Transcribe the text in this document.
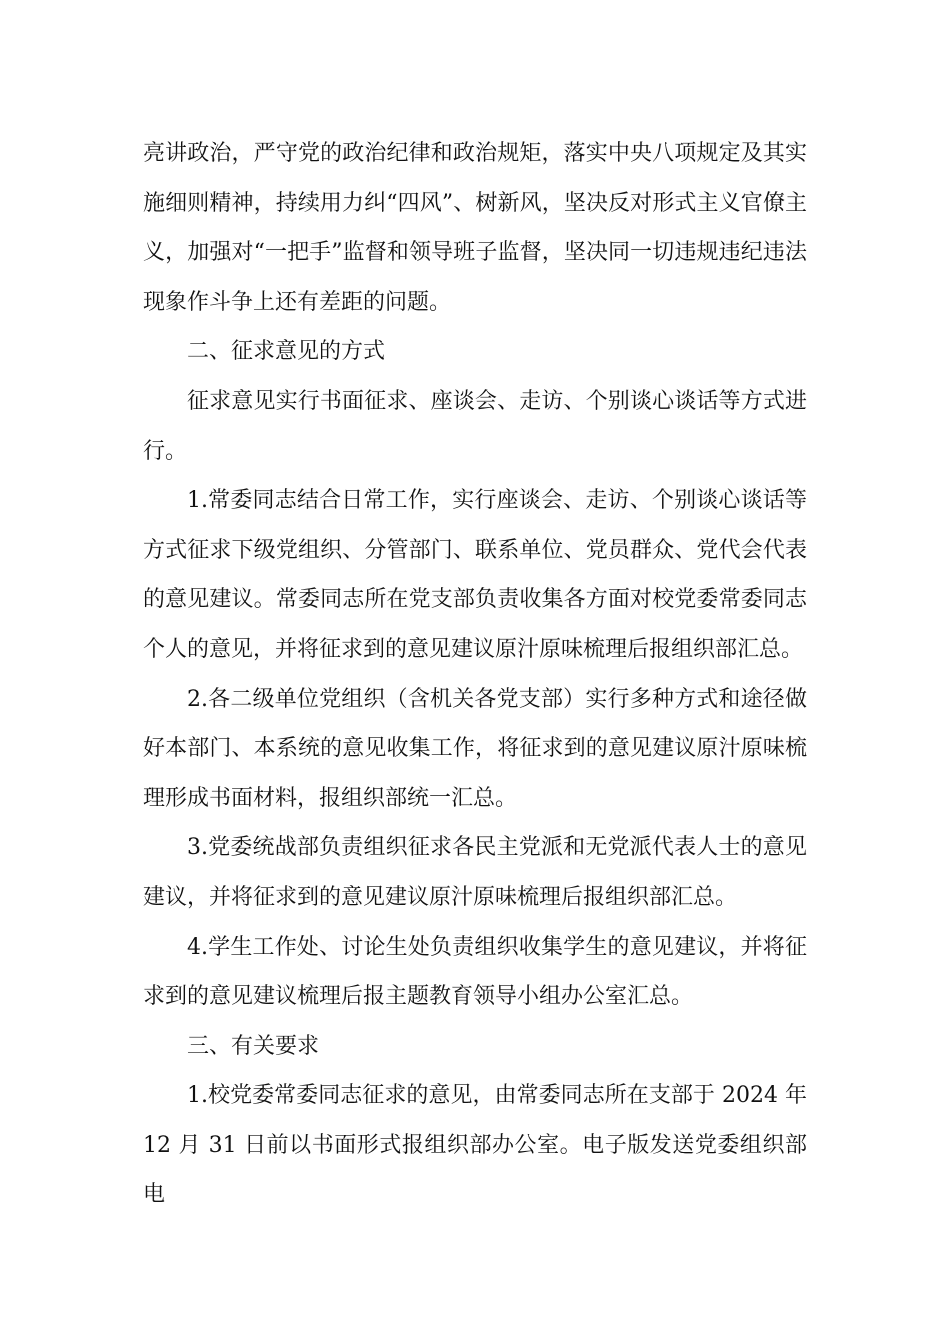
亮讲政治，严守党的政治纪律和政治规矩，落实中央八项规定及其实施细则精神，持续用力纠“四风”、树新风，坚决反对形式主义官僚主义，加强对“一把手”监督和领导班子监督，坚决同一切违规违纪违法现象作斗争上还有差距的问题。

二、征求意见的方式

征求意见实行书面征求、座谈会、走访、个别谈心谈话等方式进行。

1.常委同志结合日常工作，实行座谈会、走访、个别谈心谈话等方式征求下级党组织、分管部门、联系单位、党员群众、党代会代表的意见建议。常委同志所在党支部负责收集各方面对校党委常委同志个人的意见，并将征求到的意见建议原汁原味梳理后报组织部汇总。

2.各二级单位党组织（含机关各党支部）实行多种方式和途径做好本部门、本系统的意见收集工作，将征求到的意见建议原汁原味梳理形成书面材料，报组织部统一汇总。

3.党委统战部负责组织征求各民主党派和无党派代表人士的意见建议，并将征求到的意见建议原汁原味梳理后报组织部汇总。

4.学生工作处、讨论生处负责组织收集学生的意见建议，并将征求到的意见建议梳理后报主题教育领导小组办公室汇总。

三、有关要求

1.校党委常委同志征求的意见，由常委同志所在支部于 2024 年 12 月 31 日前以书面形式报组织部办公室。电子版发送党委组织部电
